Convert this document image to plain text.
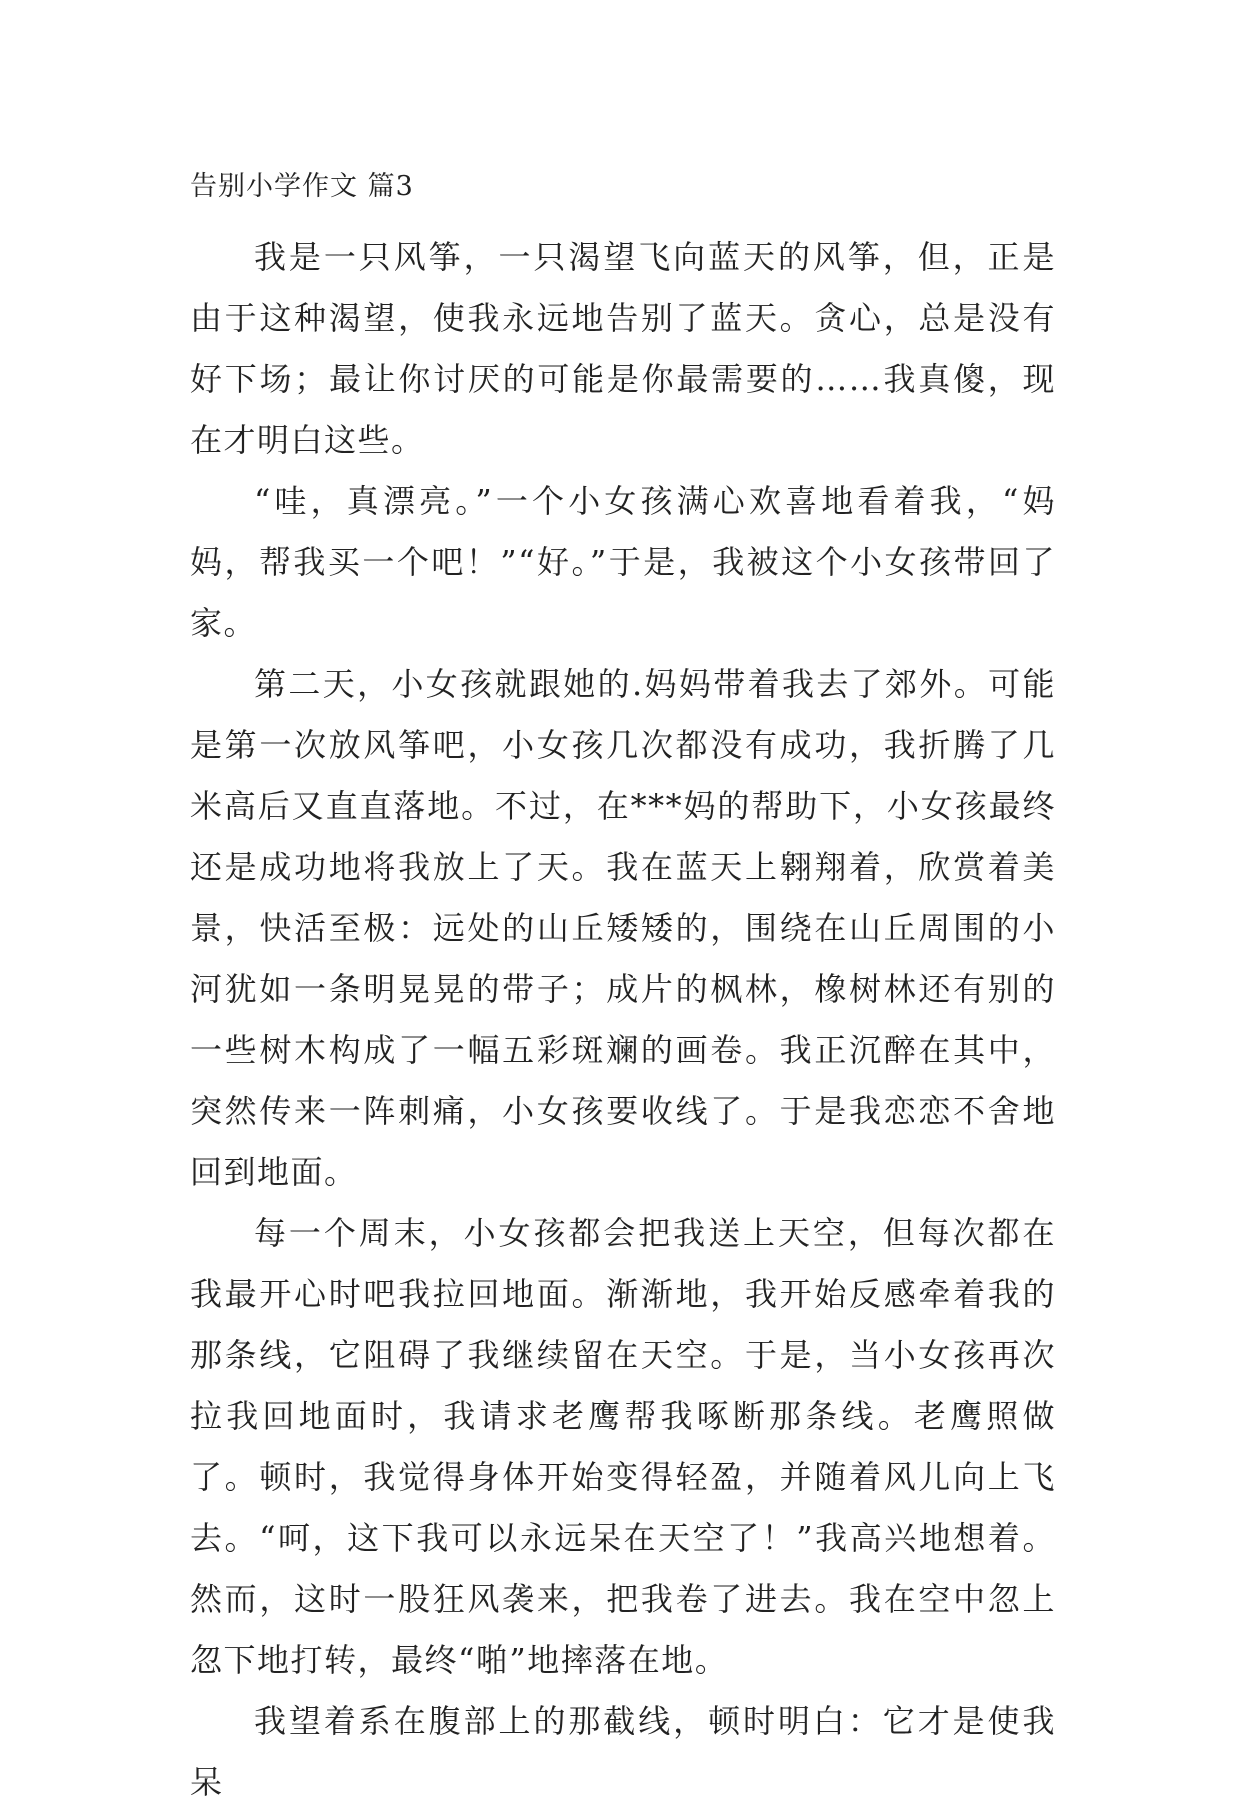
告别小学作文 篇3

我是一只风筝，一只渴望飞向蓝天的风筝，但，正是由于这种渴望，使我永远地告别了蓝天。贪心，总是没有好下场；最让你讨厌的可能是你最需要的……我真傻，现在才明白这些。

“哇，真漂亮。”一个小女孩满心欢喜地看着我，“妈妈，帮我买一个吧！”“好。”于是，我被这个小女孩带回了家。

第二天，小女孩就跟她的.妈妈带着我去了郊外。可能是第一次放风筝吧，小女孩几次都没有成功，我折腾了几米高后又直直落地。不过，在***妈的帮助下，小女孩最终还是成功地将我放上了天。我在蓝天上翱翔着，欣赏着美景，快活至极：远处的山丘矮矮的，围绕在山丘周围的小河犹如一条明晃晃的带子；成片的枫林，橡树林还有别的一些树木构成了一幅五彩斑斓的画卷。我正沉醉在其中，突然传来一阵刺痛，小女孩要收线了。于是我恋恋不舍地回到地面。

每一个周末，小女孩都会把我送上天空，但每次都在我最开心时吧我拉回地面。渐渐地，我开始反感牵着我的那条线，它阻碍了我继续留在天空。于是，当小女孩再次拉我回地面时，我请求老鹰帮我啄断那条线。老鹰照做了。顿时，我觉得身体开始变得轻盈，并随着风儿向上飞去。“呵，这下我可以永远呆在天空了！”我高兴地想着。然而，这时一股狂风袭来，把我卷了进去。我在空中忽上忽下地打转，最终“啪”地摔落在地。

我望着系在腹部上的那截线，顿时明白：它才是使我呆
